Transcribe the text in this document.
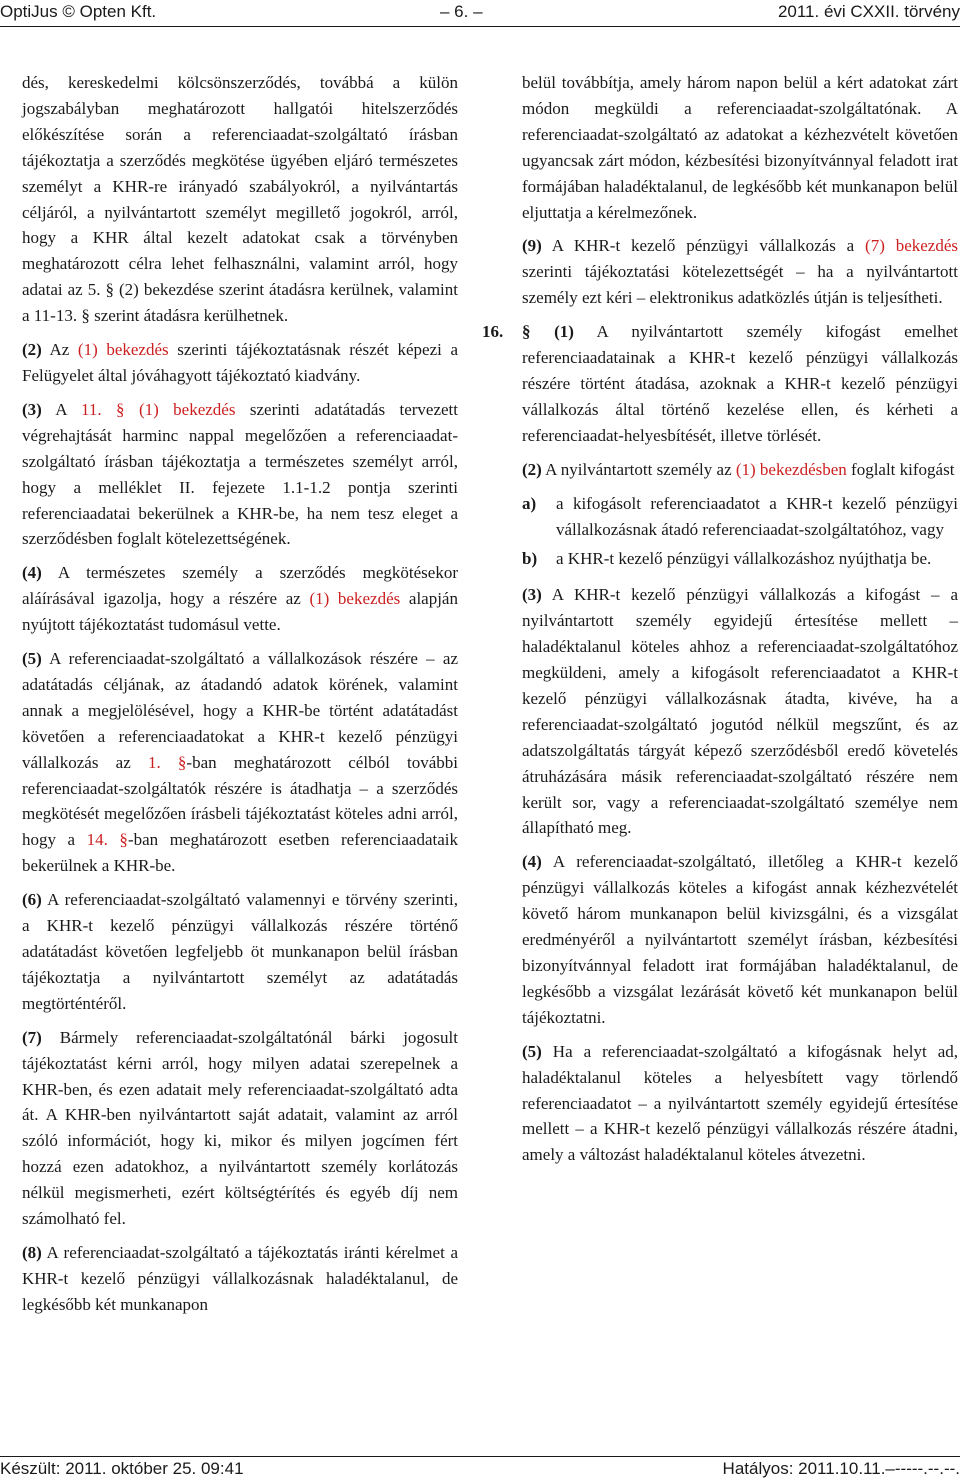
OptiJus © Opten Kft.	– 6. –	2011. évi CXXII. törvény

dés, kereskedelmi kölcsönszerződés, továbbá a külön jogszabályban meghatározott hallgatói hitelszerződés előkészítése során a referenciaadat-szolgáltató írásban tájékoztatja a szerződés megkötése ügyében eljáró természetes személyt a KHR-re irányadó szabályokról, a nyilvántartás céljáról, a nyilvántartott személyt megillető jogokról, arról, hogy a KHR által kezelt adatokat csak a törvényben meghatározott célra lehet felhasználni, valamint arról, hogy adatai az 5. § (2) bekezdése szerint átadásra kerülnek, valamint a 11-13. § szerint átadásra kerülhetnek.

(2) Az (1) bekezdés szerinti tájékoztatásnak részét képezi a Felügyelet által jóváhagyott tájékoztató kiadvány.

(3) A 11. § (1) bekezdés szerinti adatátadás tervezett végrehajtását harminc nappal megelőzően a referenciaadat-szolgáltató írásban tájékoztatja a természetes személyt arról, hogy a melléklet II. fejezete 1.1-1.2 pontja szerinti referenciaadatai bekerülnek a KHR-be, ha nem tesz eleget a szerződésben foglalt kötelezettségének.

(4) A természetes személy a szerződés megkötésekor aláírásával igazolja, hogy a részére az (1) bekezdés alapján nyújtott tájékoztatást tudomásul vette.

(5) A referenciaadat-szolgáltató a vállalkozások részére – az adatátadás céljának, az átadandó adatok körének, valamint annak a megjelölésével, hogy a KHR-be történt adatátadást követően a referenciaadatokat a KHR-t kezelő pénzügyi vállalkozás az 1. §-ban meghatározott célból további referenciaadat-szolgáltatók részére is átadhatja – a szerződés megkötését megelőzően írásbeli tájékoztatást köteles adni arról, hogy a 14. §-ban meghatározott esetben referenciaadataik bekerülnek a KHR-be.

(6) A referenciaadat-szolgáltató valamennyi e törvény szerinti, a KHR-t kezelő pénzügyi vállalkozás részére történő adatátadást követően legfeljebb öt munkanapon belül írásban tájékoztatja a nyilvántartott személyt az adatátadás megtörténtéről.

(7) Bármely referenciaadat-szolgáltatónál bárki jogosult tájékoztatást kérni arról, hogy milyen adatai szerepelnek a KHR-ben, és ezen adatait mely referenciaadat-szolgáltató adta át. A KHR-ben nyilvántartott saját adatait, valamint az arról szóló információt, hogy ki, mikor és milyen jogcímen fért hozzá ezen adatokhoz, a nyilvántartott személy korlátozás nélkül megismerheti, ezért költségtérítés és egyéb díj nem számolható fel.

(8) A referenciaadat-szolgáltató a tájékoztatás iránti kérelmet a KHR-t kezelő pénzügyi vállalkozásnak haladéktalanul, de legkésőbb két munkanapon

belül továbbítja, amely három napon belül a kért adatokat zárt módon megküldi a referenciaadat-szolgáltatónak. A referenciaadat-szolgáltató az adatokat a kézhezvételt követően ugyancsak zárt módon, kézbesítési bizonyítvánnyal feladott irat formájában haladéktalanul, de legkésőbb két munkanapon belül eljuttatja a kérelmezőnek.

(9) A KHR-t kezelő pénzügyi vállalkozás a (7) bekezdés szerinti tájékoztatási kötelezettségét – ha a nyilvántartott személy ezt kéri – elektronikus adatközlés útján is teljesítheti.

16. § (1) A nyilvántartott személy kifogást emelhet referenciaadatainak a KHR-t kezelő pénzügyi vállalkozás részére történt átadása, azoknak a KHR-t kezelő pénzügyi vállalkozás által történő kezelése ellen, és kérheti a referenciaadat-helyesbítését, illetve törlését.

(2) A nyilvántartott személy az (1) bekezdésben foglalt kifogást

a) a kifogásolt referenciaadatot a KHR-t kezelő pénzügyi vállalkozásnak átadó referenciaadat-szolgáltatóhoz, vagy
b) a KHR-t kezelő pénzügyi vállalkozáshoz nyújthatja be.

(3) A KHR-t kezelő pénzügyi vállalkozás a kifogást – a nyilvántartott személy egyidejű értesítése mellett – haladéktalanul köteles ahhoz a referenciaadat-szolgáltatóhoz megküldeni, amely a kifogásolt referenciaadatot a KHR-t kezelő pénzügyi vállalkozásnak átadta, kivéve, ha a referenciaadat-szolgáltató jogutód nélkül megszűnt, és az adatszolgáltatás tárgyát képező szerződésből eredő követelés átruházására másik referenciaadat-szolgáltató részére nem került sor, vagy a referenciaadat-szolgáltató személye nem állapítható meg.

(4) A referenciaadat-szolgáltató, illetőleg a KHR-t kezelő pénzügyi vállalkozás köteles a kifogást annak kézhezvételét követő három munkanapon belül kivizsgálni, és a vizsgálat eredményéről a nyilvántartott személyt írásban, kézbesítési bizonyítvánnyal feladott irat formájában haladéktalanul, de legkésőbb a vizsgálat lezárását követő két munkanapon belül tájékoztatni.

(5) Ha a referenciaadat-szolgáltató a kifogásnak helyt ad, haladéktalanul köteles a helyesbített vagy törlendő referenciaadatot – a nyilvántartott személy egyidejű értesítése mellett – a KHR-t kezelő pénzügyi vállalkozás részére átadni, amely a változást haladéktalanul köteles átvezetni.

Készült: 2011. október 25. 09:41	Hatályos: 2011.10.11.–-----.--.--.
